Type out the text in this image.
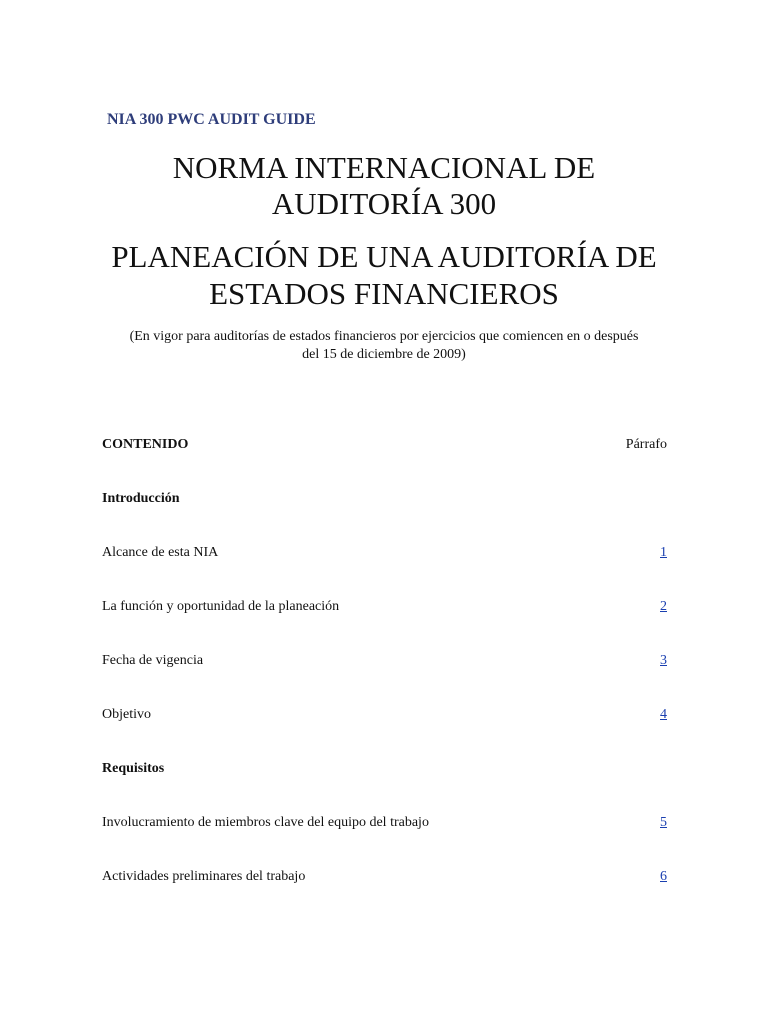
NIA 300 PWC AUDIT GUIDE
NORMA INTERNACIONAL DE
AUDITORÍA 300
PLANEACIÓN DE UNA AUDITORÍA DE
ESTADOS FINANCIEROS
(En vigor para auditorías de estados financieros por ejercicios que comiencen en o después
del 15 de diciembre de 2009)
CONTENIDO	Párrafo
Introducción
Alcance de esta NIA	1
La función y oportunidad de la planeación	2
Fecha de vigencia	3
Objetivo	4
Requisitos
Involucramiento de miembros clave del equipo del trabajo	5
Actividades preliminares del trabajo	6
